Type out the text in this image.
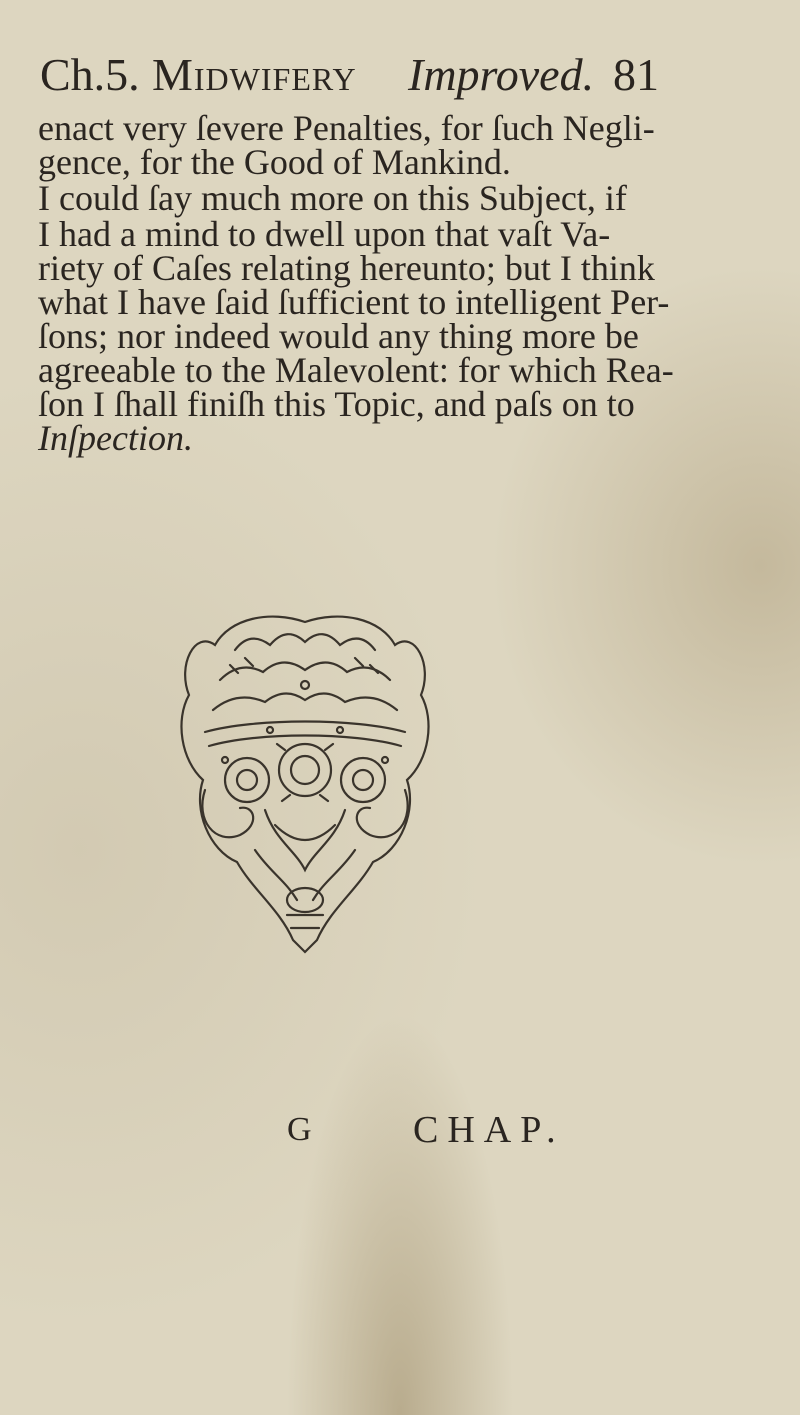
Ch.5. Midwifery Improved. 81
enact very ſevere Penalties, for ſuch Negli-
gence, for the Good of Mankind.
I could ſay much more on this Subject, if
I had a mind to dwell upon that vaſt Va-
riety of Caſes relating hereunto; but I think
what I have ſaid ſufficient to intelligent Per-
ſons; nor indeed would any thing more be
agreeable to the Malevolent: for which Rea-
ſon I ſhall finiſh this Topic, and paſs on to
Inſpection.
G	CHAP.
